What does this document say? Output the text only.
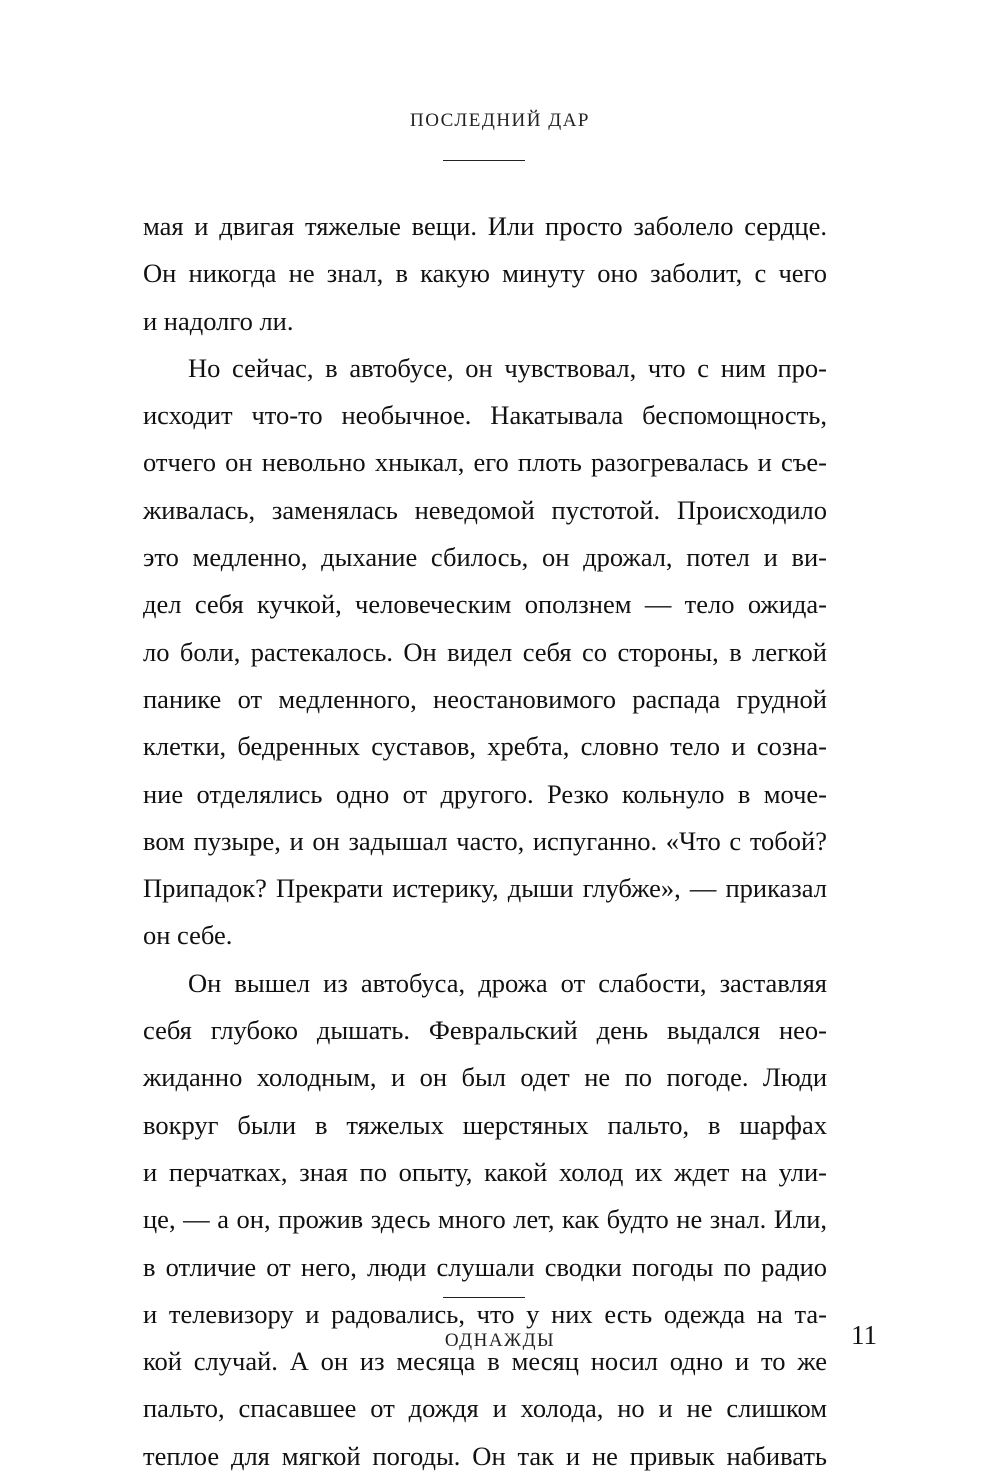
ПОСЛЕДНИЙ ДАР
мая и двигая тяжелые вещи. Или просто заболело сердце.
Он никогда не знал, в какую минуту оно заболит, с чего
и надолго ли.
Но сейчас, в автобусе, он чувствовал, что с ним про-
исходит что-то необычное. Накатывала беспомощность,
отчего он невольно хныкал, его плоть разогревалась и съе-
живалась, заменялась неведомой пустотой. Происходило
это медленно, дыхание сбилось, он дрожал, потел и ви-
дел себя кучкой, человеческим оползнем — тело ожида-
ло боли, растекалось. Он видел себя со стороны, в легкой
панике от медленного, неостановимого распада грудной
клетки, бедренных суставов, хребта, словно тело и созна-
ние отделялись одно от другого. Резко кольнуло в моче-
вом пузыре, и он задышал часто, испуганно. «Что с тобой?
Припадок? Прекрати истерику, дыши глубже», — приказал
он себе.
Он вышел из автобуса, дрожа от слабости, заставляя
себя глубоко дышать. Февральский день выдался нео-
жиданно холодным, и он был одет не по погоде. Люди
вокруг были в тяжелых шерстяных пальто, в шарфах
и перчатках, зная по опыту, какой холод их ждет на ули-
це, — а он, прожив здесь много лет, как будто не знал. Или,
в отличие от него, люди слушали сводки погоды по радио
и телевизору и радовались, что у них есть одежда на та-
кой случай. А он из месяца в месяц носил одно и то же
пальто, спасавшее от дождя и холода, но и не слишком
теплое для мягкой погоды. Он так и не привык набивать
ОДНАЖДЫ	11
